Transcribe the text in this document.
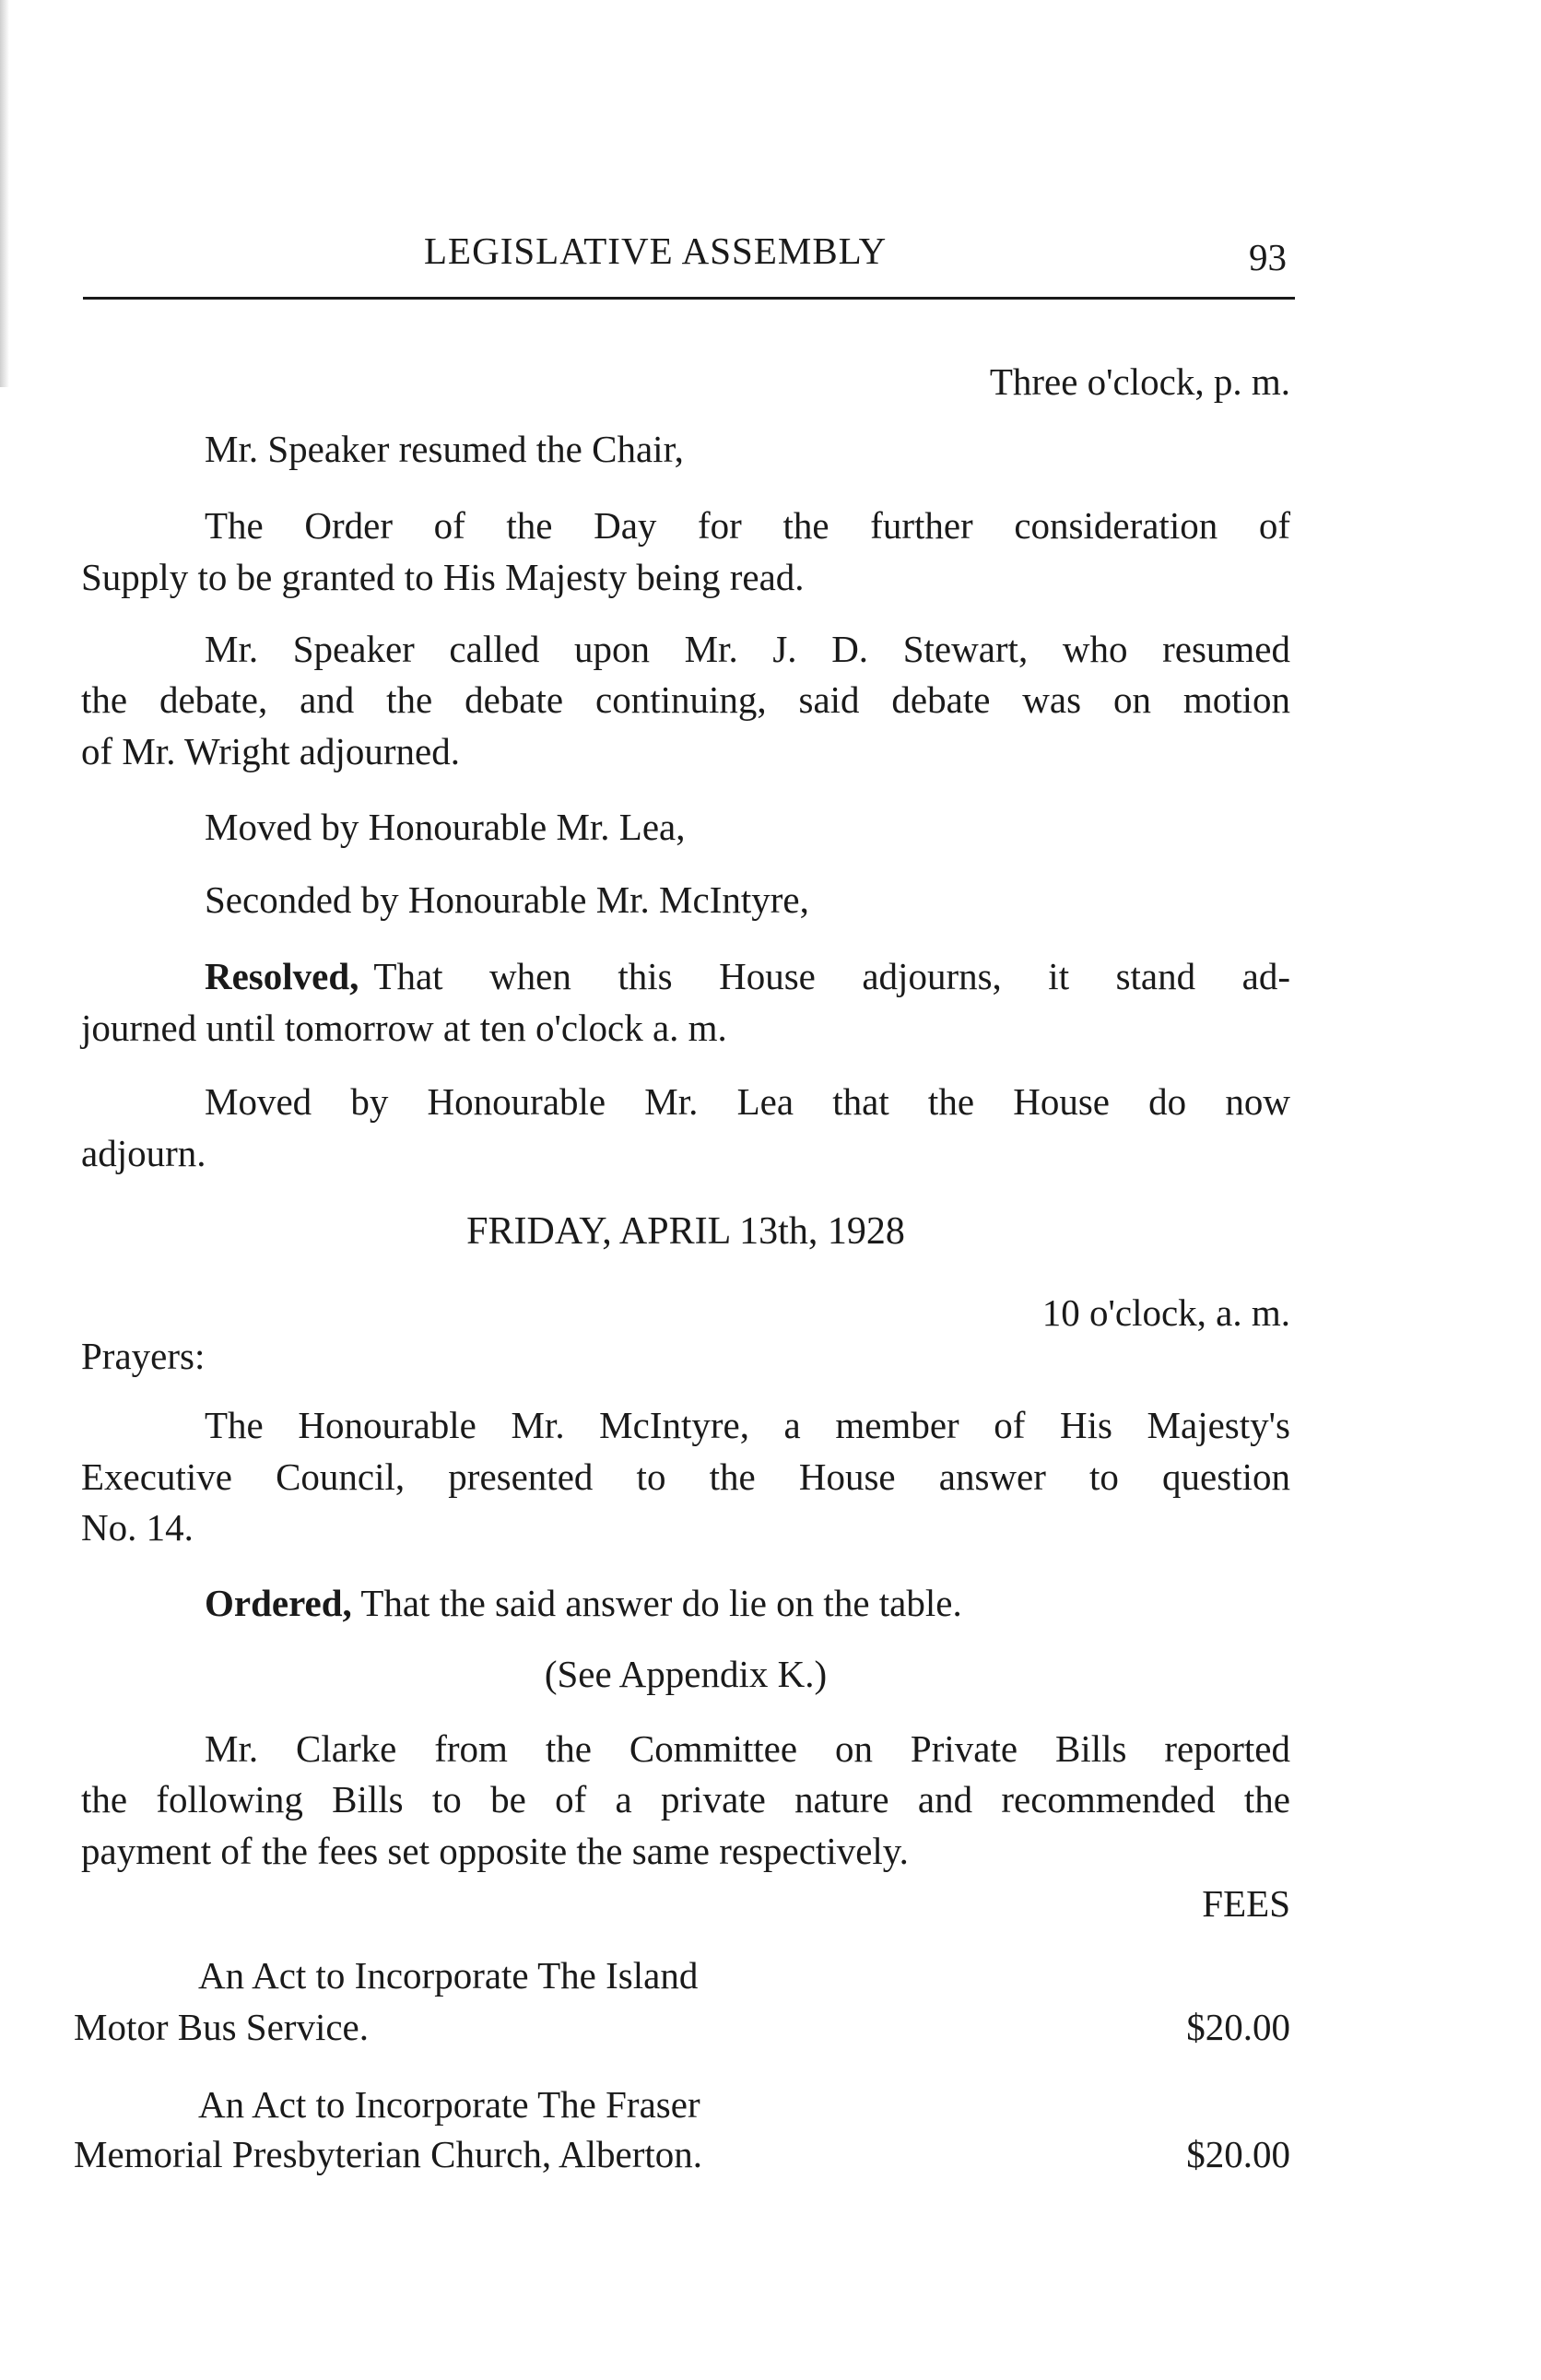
LEGISLATIVE ASSEMBLY	93
Three o'clock, p. m.
Mr. Speaker resumed the Chair,
The Order of the Day for the further consideration of
Supply to be granted to His Majesty being read.
Mr. Speaker called upon Mr. J. D. Stewart, who resumed
the debate, and the debate continuing, said debate was on motion
of Mr. Wright adjourned.
Moved by Honourable Mr. Lea,
Seconded by Honourable Mr. McIntyre,
Resolved, That when this House adjourns, it stand ad-
journed until tomorrow at ten o'clock a. m.
Moved by Honourable Mr. Lea that the House do now
adjourn.
FRIDAY, APRIL 13th, 1928
10 o'clock, a. m.
Prayers:
The Honourable Mr. McIntyre, a member of His Majesty's
Executive Council, presented to the House answer to question
No. 14.
Ordered, That the said answer do lie on the table.
(See Appendix K.)
Mr. Clarke from the Committee on Private Bills reported
the following Bills to be of a private nature and recommended the
payment of the fees set opposite the same respectively.
FEES
An Act to Incorporate The Island
Motor Bus Service.	$20.00
An Act to Incorporate The Fraser
Memorial Presbyterian Church, Alberton.	$20.00
